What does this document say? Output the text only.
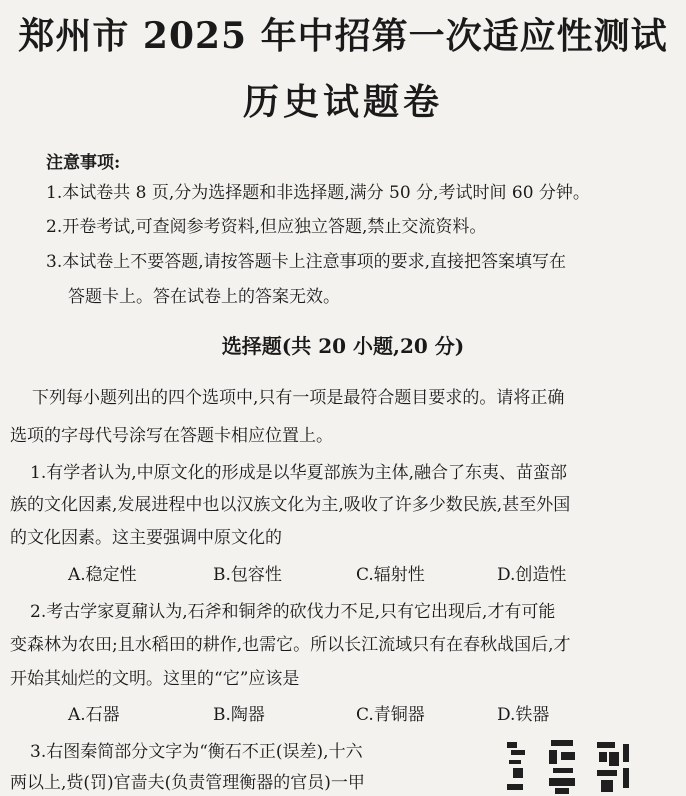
郑州市 2025 年中招第一次适应性测试
历史试题卷
注意事项:
1.本试卷共 8 页,分为选择题和非选择题,满分 50 分,考试时间 60 分钟。
2.开卷考试,可查阅参考资料,但应独立答题,禁止交流资料。
3.本试卷上不要答题,请按答题卡上注意事项的要求,直接把答案填写在
答题卡上。答在试卷上的答案无效。
选择题(共 20 小题,20 分)
下列每小题列出的四个选项中,只有一项是最符合题目要求的。请将正确
选项的字母代号涂写在答题卡相应位置上。
1.有学者认为,中原文化的形成是以华夏部族为主体,融合了东夷、苗蛮部
族的文化因素,发展进程中也以汉族文化为主,吸收了许多少数民族,甚至外国
的文化因素。这主要强调中原文化的
A.稳定性	B.包容性	C.辐射性	D.创造性
2.考古学家夏鼐认为,石斧和铜斧的砍伐力不足,只有它出现后,才有可能
变森林为农田;且水稻田的耕作,也需它。所以长江流域只有在春秋战国后,才
开始其灿烂的文明。这里的“它”应该是
A.石器	B.陶器	C.青铜器	D.铁器
3.右图秦简部分文字为“衡石不正(误差),十六
两以上,赀(罚)官啬夫(负责管理衡器的官员)一甲
